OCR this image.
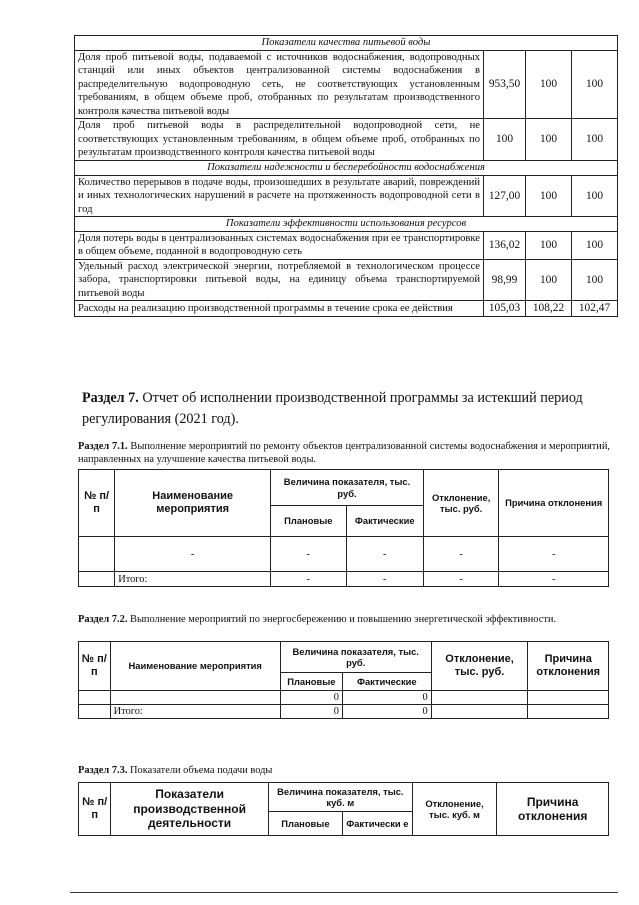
Показатели качества питьевой воды			
Доля проб питьевой воды, подаваемой с источников водоснабжения, водопроводных станций или иных объектов централизованной системы водоснабжения в распределительную водопроводную сеть, не соответствующих установленным требованиям, в общем объеме проб, отобранных по результатам производственного контроля качества питьевой воды	953,50	100	100
Доля проб питьевой воды в распределительной водопроводной сети, не соответствующих установленным требованиям, в общем объеме проб, отобранных по результатам производственного контроля качества питьевой воды	100	100	100
Показатели надежности и бесперебойности водоснабжения			
Количество перерывов в подаче воды, произошедших в результате аварий, повреждений и иных технологических нарушений в расчете на протяженность водопроводной сети в год	127,00	100	100
Показатели эффективности использования ресурсов			
Доля потерь воды в централизованных системах водоснабжения при ее транспортировке в общем объеме, поданной в водопроводную сеть	136,02	100	100
Удельный расход электрической энергии, потребляемой в технологическом процессе забора, транспортировки питьевой воды, на единицу объема транспортируемой питьевой воды	98,99	100	100
Расходы на реализацию производственной программы в течение срока ее действия	105,03	108,22	102,47
Раздел 7. Отчет об исполнении производственной программы за истекший период регулирования (2021 год).
Раздел 7.1. Выполнение мероприятий по ремонту объектов централизованной системы водоснабжения и мероприятий, направленных на улучшение качества питьевой воды.
№ п/п	Наименование мероприятия	Величина показателя, тыс. руб.		Отклонение, тыс. руб.	Причина отклонения
		Плановые	Фактические		
	-	-	-	-	-
	Итого:	-	-	-	-
Раздел 7.2. Выполнение мероприятий по энергосбережению и повышению энергетической эффективности.
№ п/п	Наименование мероприятия	Величина показателя, тыс. руб.		Отклонение, тыс. руб.	Причина отклонения
		Плановые	Фактические		
		0	0		
	Итого:	0	0		
Раздел 7.3. Показатели объема подачи воды
№ п/п	Показатели производственной деятельности	Величина показателя, тыс. куб. м		Отклонение, тыс. куб. м	Причина отклонения
		Плановые	Фактически е		
